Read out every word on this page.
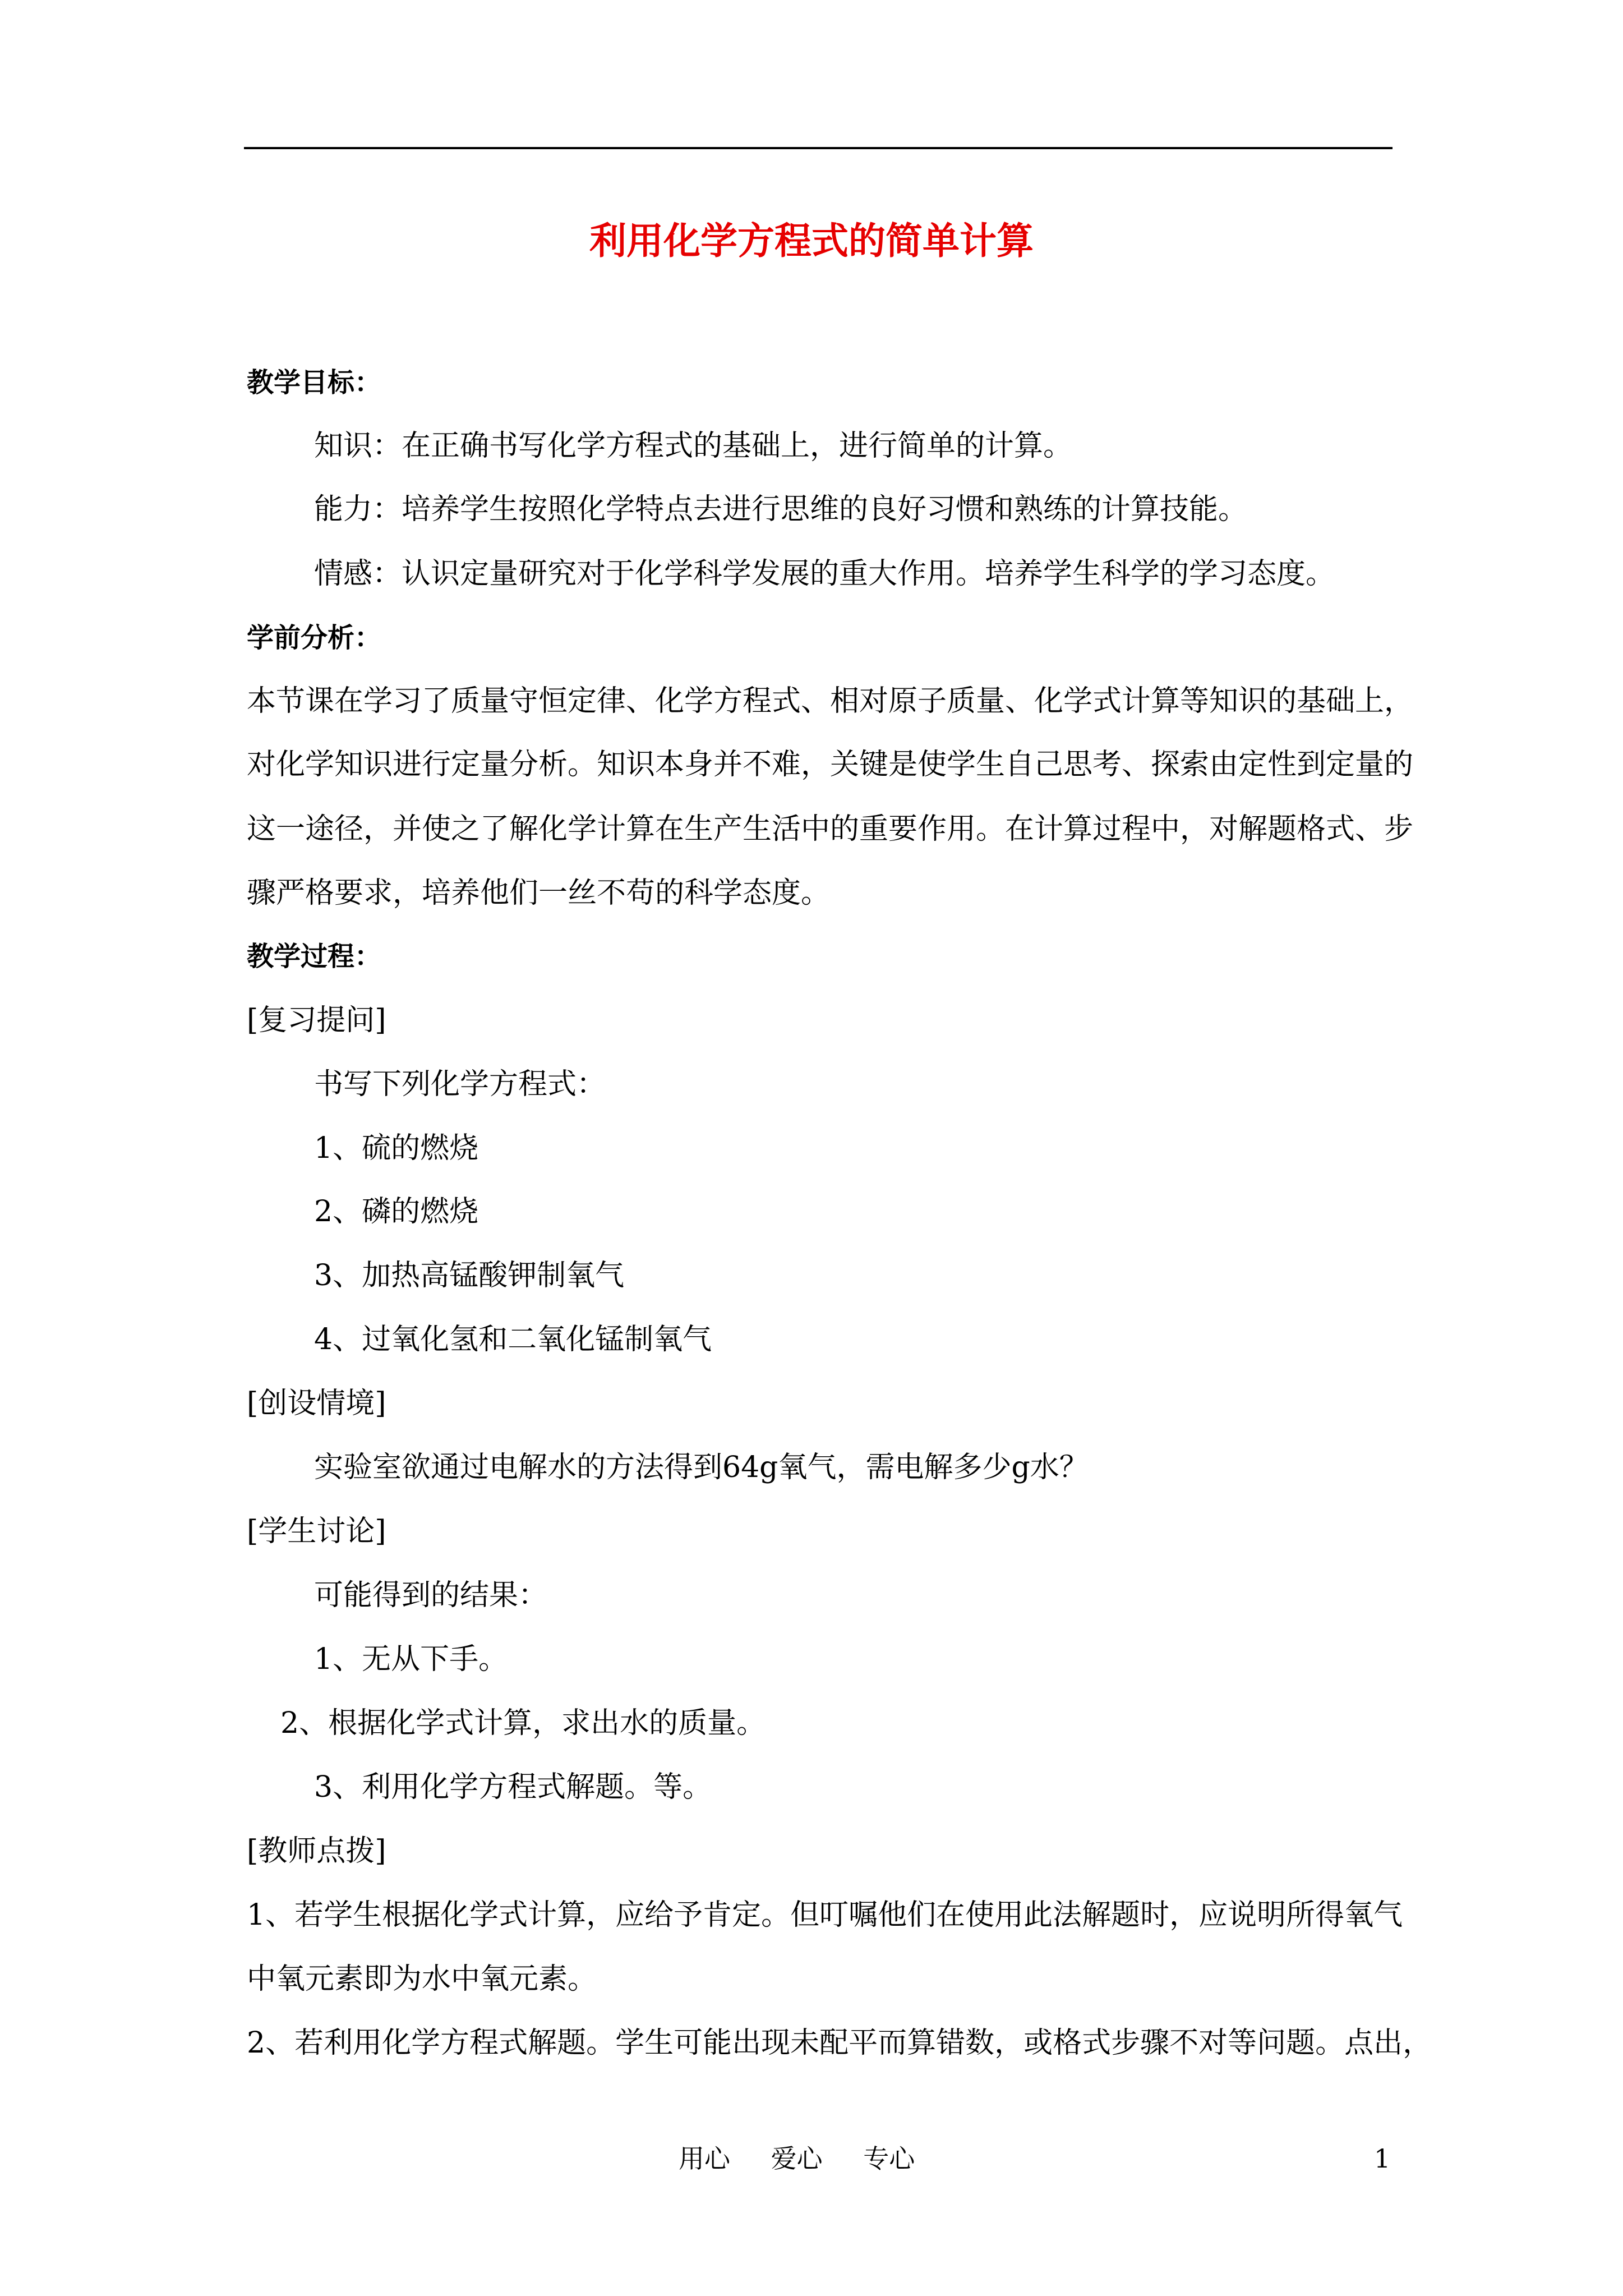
利用化学方程式的简单计算

教学目标：

知识：在正确书写化学方程式的基础上，进行简单的计算。

能力：培养学生按照化学特点去进行思维的良好习惯和熟练的计算技能。

情感：认识定量研究对于化学科学发展的重大作用。培养学生科学的学习态度。

学前分析：

本节课在学习了质量守恒定律、化学方程式、相对原子质量、化学式计算等知识的基础上，

对化学知识进行定量分析。知识本身并不难，关键是使学生自己思考、探索由定性到定量的

这一途径，并使之了解化学计算在生产生活中的重要作用。在计算过程中，对解题格式、步

骤严格要求，培养他们一丝不苟的科学态度。

教学过程：

[复习提问]

书写下列化学方程式：

1、硫的燃烧

2、磷的燃烧

3、加热高锰酸钾制氧气

4、过氧化氢和二氧化锰制氧气

[创设情境]

实验室欲通过电解水的方法得到64g氧气，需电解多少g水？

[学生讨论]

可能得到的结果：

1、无从下手。

2、根据化学式计算，求出水的质量。

3、利用化学方程式解题。等。

[教师点拨]

1、若学生根据化学式计算，应给予肯定。但叮嘱他们在使用此法解题时，应说明所得氧气

中氧元素即为水中氧元素。

2、若利用化学方程式解题。学生可能出现未配平而算错数，或格式步骤不对等问题。点出，

用心 爱心 专心	1
